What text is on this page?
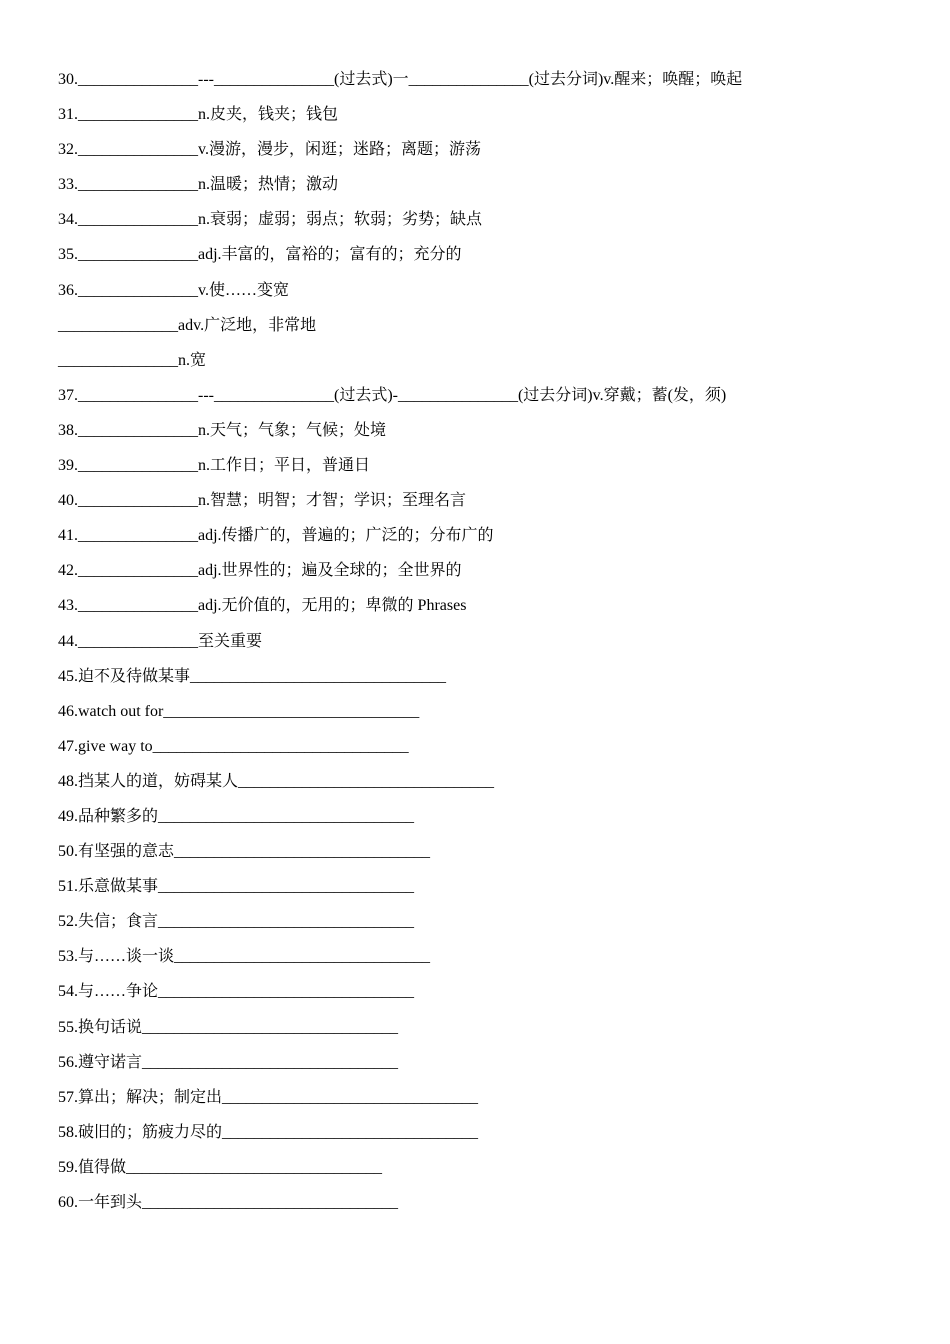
30._______________---_______________(过去式)一_______________(过去分词)v.醒来；唤醒；唤起
31._______________n.皮夹，钱夹；钱包
32._______________v.漫游，漫步，闲逛；迷路；离题；游荡
33._______________n.温暖；热情；激动
34._______________n.衰弱；虚弱；弱点；软弱；劣势；缺点
35._______________adj.丰富的，富裕的；富有的；充分的
36._______________v.使……变宽
_______________adv.广泛地，非常地
_______________n.宽
37._______________---_______________(过去式)-_______________(过去分词)v.穿戴；蓄(发，须)
38._______________n.天气；气象；气候；处境
39._______________n.工作日；平日，普通日
40._______________n.智慧；明智；才智；学识；至理名言
41._______________adj.传播广的，普遍的；广泛的；分布广的
42._______________adj.世界性的；遍及全球的；全世界的
43._______________adj.无价值的，无用的；卑微的 Phrases
44._______________至关重要
45.迫不及待做某事________________________________
46.watch out for________________________________
47.give way to________________________________
48.挡某人的道，妨碍某人________________________________
49.品种繁多的________________________________
50.有坚强的意志________________________________
51.乐意做某事________________________________
52.失信；食言________________________________
53.与……谈一谈________________________________
54.与……争论________________________________
55.换句话说________________________________
56.遵守诺言________________________________
57.算出；解决；制定出________________________________
58.破旧的；筋疲力尽的________________________________
59.值得做________________________________
60.一年到头________________________________
